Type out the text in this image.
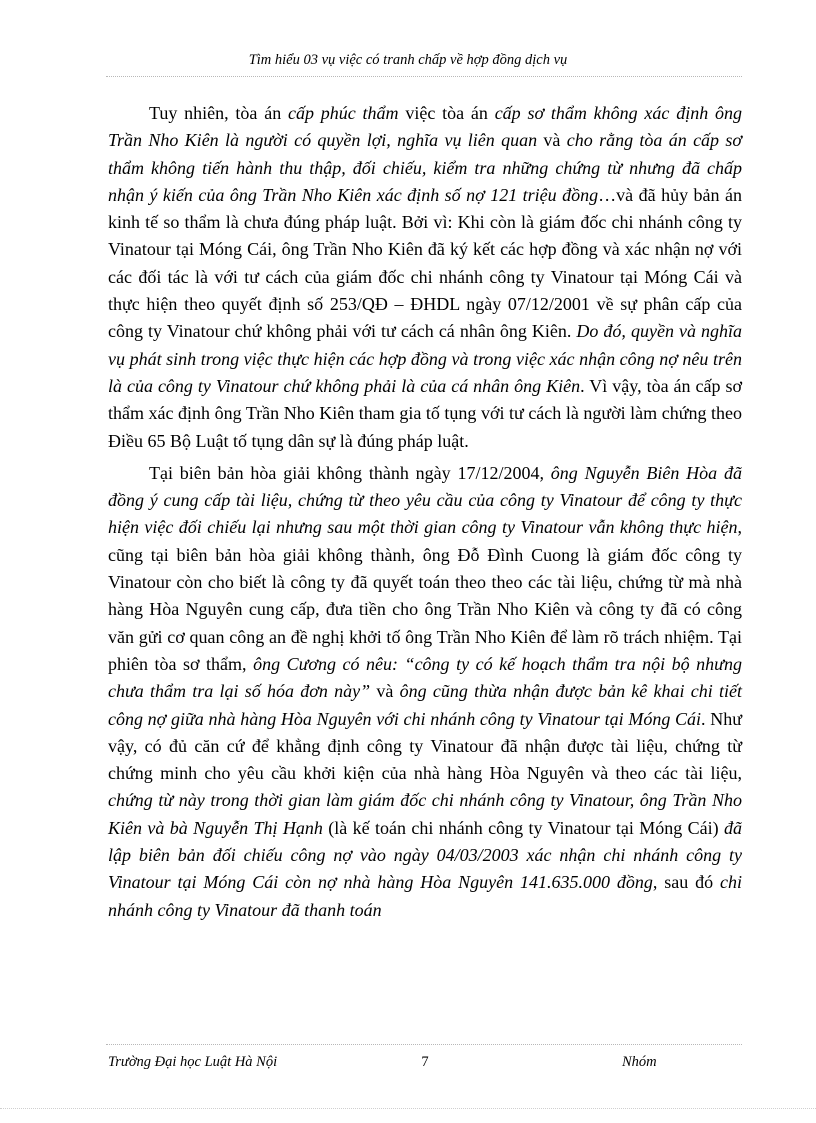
Tìm hiểu 03 vụ việc có tranh chấp về hợp đồng dịch vụ

Tuy nhiên, tòa án cấp phúc thẩm việc tòa án cấp sơ thẩm không xác định ông Trần Nho Kiên là người có quyền lợi, nghĩa vụ liên quan và cho rằng tòa án cấp sơ thẩm không tiến hành thu thập, đối chiếu, kiểm tra những chứng từ nhưng đã chấp nhận ý kiến của ông Trần Nho Kiên xác định số nợ 121 triệu đồng…và đã hủy bản án kinh tế so thẩm là chưa đúng pháp luật. Bởi vì: Khi còn là giám đốc chi nhánh công ty Vinatour tại Móng Cái, ông Trần Nho Kiên đã ký kết các hợp đồng và xác nhận nợ với các đối tác là với tư cách của giám đốc chi nhánh công ty Vinatour tại Móng Cái và thực hiện theo quyết định số 253/QĐ – ĐHDL ngày 07/12/2001 về sự phân cấp của công ty Vinatour chứ không phải với tư cách cá nhân ông Kiên. Do đó, quyền và nghĩa vụ phát sinh trong việc thực hiện các hợp đồng và trong việc xác nhận công nợ nêu trên là của công ty Vinatour chứ không phải là của cá nhân ông Kiên. Vì vậy, tòa án cấp sơ thẩm xác định ông Trần Nho Kiên tham gia tố tụng với tư cách là người làm chứng theo Điều 65 Bộ Luật tố tụng dân sự là đúng pháp luật.

Tại biên bản hòa giải không thành ngày 17/12/2004, ông Nguyễn Biên Hòa đã đồng ý cung cấp tài liệu, chứng từ theo yêu cầu của công ty Vinatour để công ty thực hiện việc đối chiếu lại nhưng sau một thời gian công ty Vinatour vẫn không thực hiện, cũng tại biên bản hòa giải không thành, ông Đỗ Đình Cuong là giám đốc công ty Vinatour còn cho biết là công ty đã quyết toán theo theo các tài liệu, chứng từ mà nhà hàng Hòa Nguyên cung cấp, đưa tiền cho ông Trần Nho Kiên và công ty đã có công văn gửi cơ quan công an đề nghị khởi tố ông Trần Nho Kiên để làm rõ trách nhiệm. Tại phiên tòa sơ thẩm, ông Cương có nêu: “công ty có kế hoạch thẩm tra nội bộ nhưng chưa thẩm tra lại số hóa đơn này” và ông cũng thừa nhận được bản kê khai chi tiết công nợ giữa nhà hàng Hòa Nguyên với chi nhánh công ty Vinatour tại Móng Cái. Như vậy, có đủ căn cứ để khẳng định công ty Vinatour đã nhận được tài liệu, chứng từ chứng minh cho yêu cầu khởi kiện của nhà hàng Hòa Nguyên và theo các tài liệu, chứng từ này trong thời gian làm giám đốc chi nhánh công ty Vinatour, ông Trần Nho Kiên và bà Nguyễn Thị Hạnh (là kế toán chi nhánh công ty Vinatour tại Móng Cái) đã lập biên bản đối chiếu công nợ vào ngày 04/03/2003 xác nhận chi nhánh công ty Vinatour tại Móng Cái còn nợ nhà hàng Hòa Nguyên 141.635.000 đồng, sau đó chi nhánh công ty Vinatour đã thanh toán

Trường Đại học Luật Hà Nội	7	Nhóm
